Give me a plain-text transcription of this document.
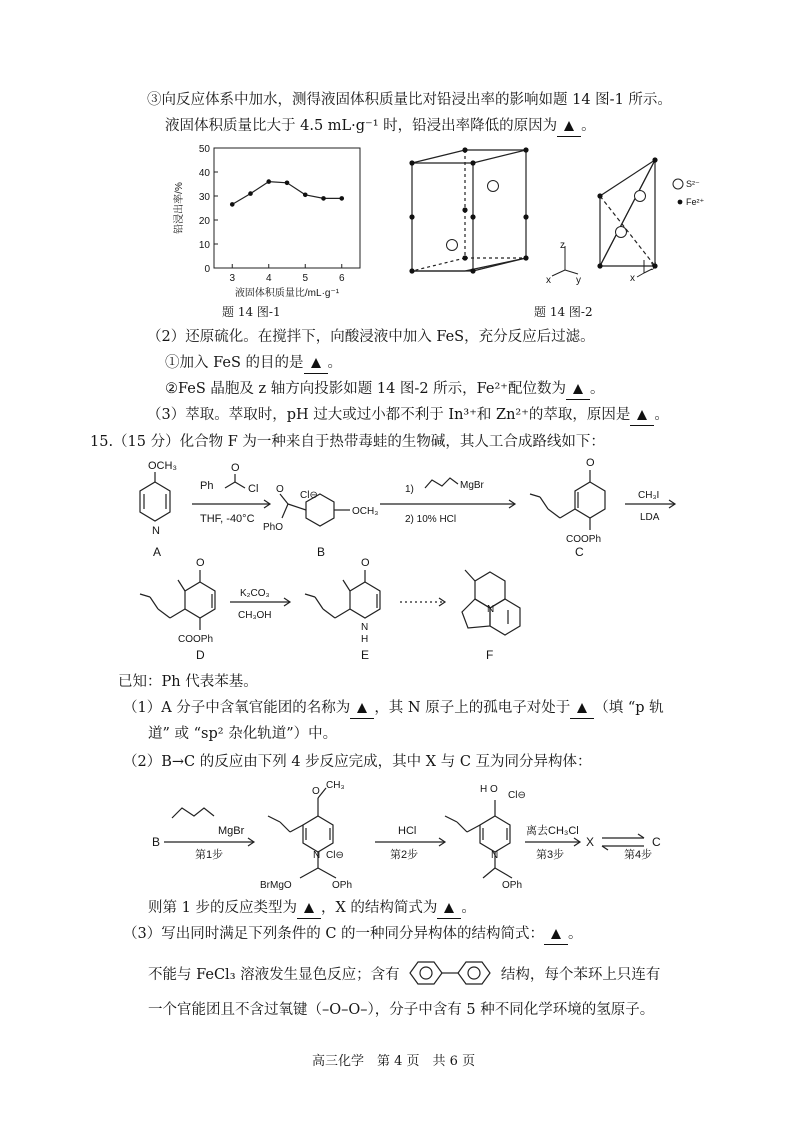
③向反应体系中加水，测得液固体积质量比对铅浸出率的影响如题 14 图-1 所示。
液固体积质量比大于 4.5 mL·g⁻¹ 时，铅浸出率降低的原因为 。
0
10
20
30
40
50
3	4	5	6
铅浸出率/%
液固体积质量比/mL·g⁻¹
题 14 图-1
z
x	y	x
y
S²⁻
Fe²⁺
题 14 图-2
（2）还原硫化。在搅拌下，向酸浸液中加入 FeS，充分反应后过滤。
①加入 FeS 的目的是 。
②FeS 晶胞及 z 轴方向投影如题 14 图-2 所示，Fe²⁺配位数为 。
（3）萃取。萃取时，pH 过大或过小都不利于 In³⁺和 Zn²⁺的萃取，原因是 。
15.（15 分）化合物 F 为一种来自于热带毒蛙的生物碱，其人工合成路线如下：
OCH₃
N
A
Ph
O
Cl
THF, -40°C
Cl⊖
O
PhO
OCH₃
B
1)	MgBr
2) 10% HCl
O
COOPh
C
CH₃I
LDA
O
COOPh
D
K₂CO₃
CH₃OH
O
N
H
E
N
F
已知：Ph 代表苯基。
（1）A 分子中含氧官能团的名称为 ，其 N 原子上的孤电子对处于 （填 “p 轨
道” 或 “sp² 杂化轨道”）中。
（2）B→C 的反应由下列 4 步反应完成，其中 X 与 C 互为同分异构体：
B
MgBr
第1步
O
CH₃
N Cl⊖
BrMgO	OPh
HCl
第2步
H O
Cl⊖
N
OPh
离去CH₃Cl
第3步
X
第4步
C
则第 1 步的反应类型为 ，X 的结构简式为 。
（3）写出同时满足下列条件的 C 的一种同分异构体的结构简式： 。
不能与 FeCl₃ 溶液发生显色反应；含有	结构，每个苯环上只连有
一个官能团且不含过氧键（–O–O–），分子中含有 5 种不同化学环境的氢原子。
高三化学　第 4 页　共 6 页
